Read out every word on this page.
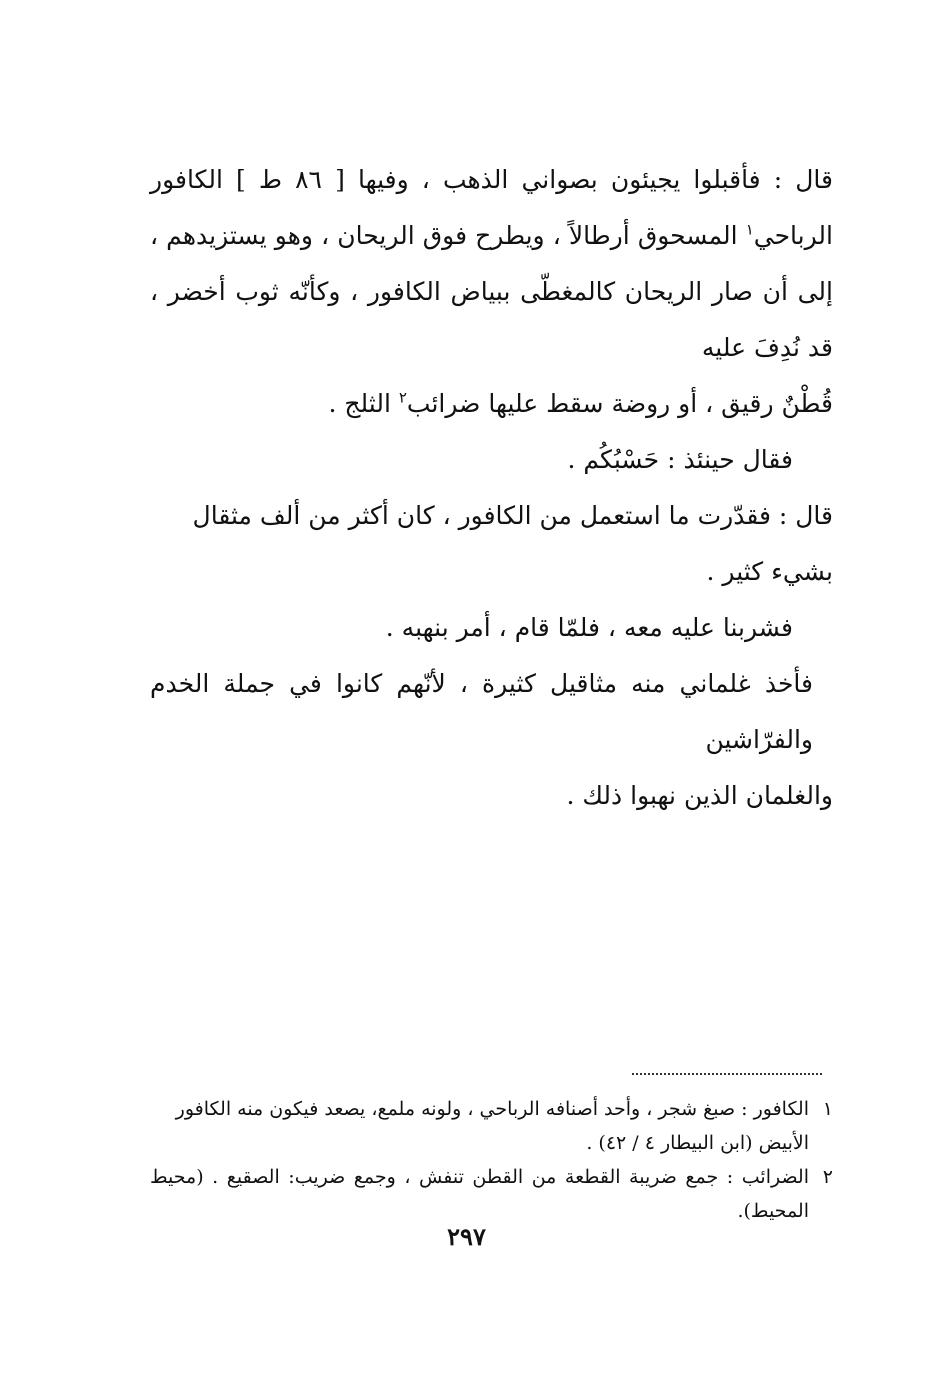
قال : فأقبلوا يجيئون بصواني الذهب ، وفيها [ ٨٦ ط ] الكافور الرباحي$^١$ المسحوق أرطالاً ، ويطرح فوق الريحان ، وهو يستزيدهم ، إلى أن صار الريحان كالمغطّى ببياض الكافور ، وكأنّه ثوب أخضر ، قد نُدِفَ عليه

قُطْنٌ رقيق ، أو روضة سقط عليها ضرائب$^٢$ الثلج .

فقال حينئذ : حَسْبُكُم .

قال : فقدّرت ما استعمل من الكافور ، كان أكثر من ألف مثقال

بشيء كثير .

فشربنا عليه معه ، فلمّا قام ، أمر بنهبه .

فأخذ غلماني منه مثاقيل كثيرة ، لأنّهم كانوا في جملة الخدم والفرّاشين

والغلمان الذين نهبوا ذلك .

١
الكافور : صبغ شجر ، وأحد أصنافه الرباحي ، ولونه ملمع، يصعد فيكون منه الكافور

الأبيض (ابن البيطار ٤ / ٤٢) .

٢
الضرائب : جمع ضريبة القطعة من القطن تنفش ، وجمع ضريب: الصقيع . (محيط المحيط).

٢٩٧
